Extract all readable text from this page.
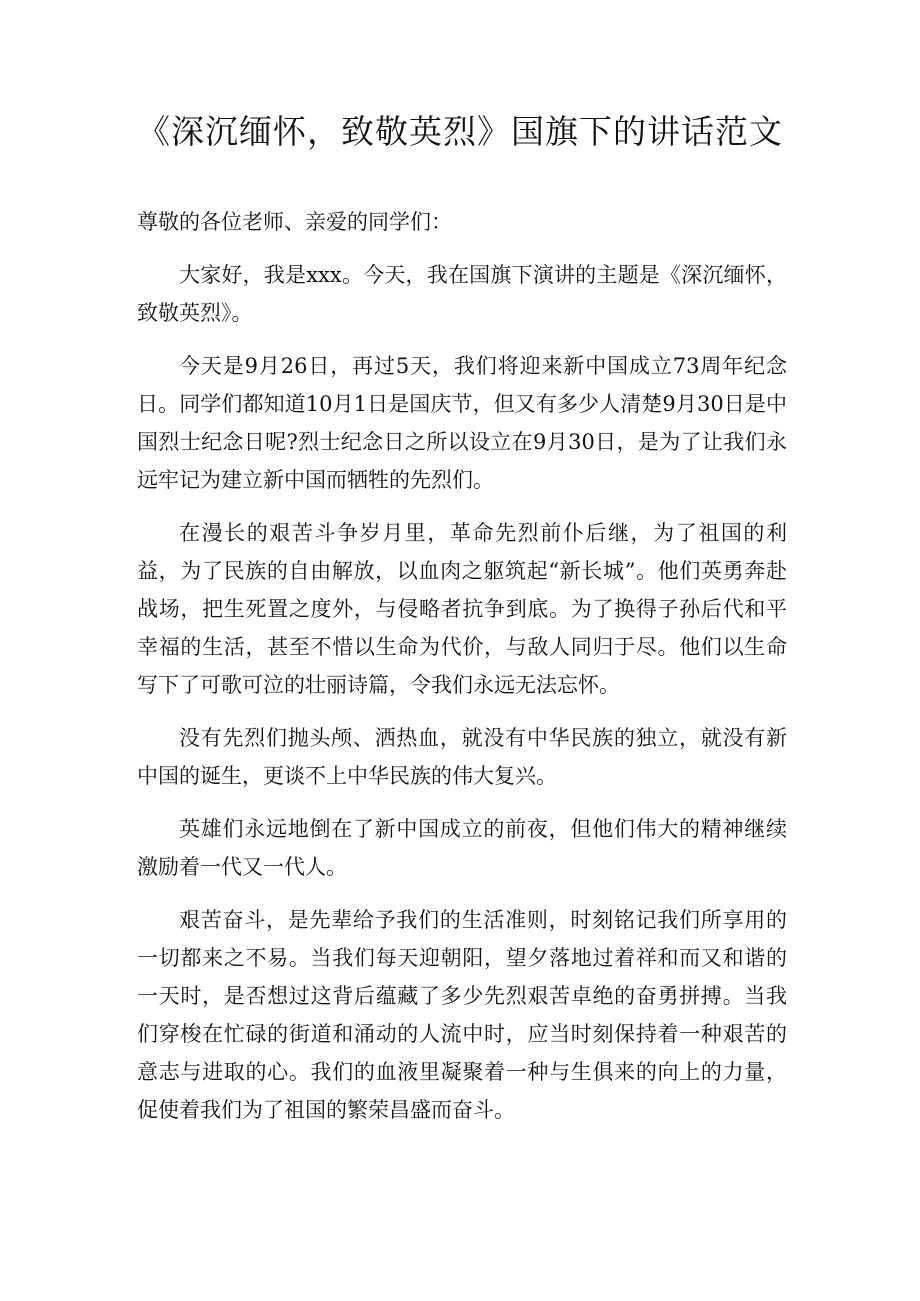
《深沉缅怀，致敬英烈》国旗下的讲话范文

尊敬的各位老师、亲爱的同学们：

大家好，我是xxx。今天，我在国旗下演讲的主题是《深沉缅怀，致敬英烈》。

今天是9月26日，再过5天，我们将迎来新中国成立73周年纪念日。同学们都知道10月1日是国庆节，但又有多少人清楚9月30日是中国烈士纪念日呢?烈士纪念日之所以设立在9月30日，是为了让我们永远牢记为建立新中国而牺牲的先烈们。

在漫长的艰苦斗争岁月里，革命先烈前仆后继，为了祖国的利益，为了民族的自由解放，以血肉之躯筑起“新长城”。他们英勇奔赴战场，把生死置之度外，与侵略者抗争到底。为了换得子孙后代和平幸福的生活，甚至不惜以生命为代价，与敌人同归于尽。他们以生命写下了可歌可泣的壮丽诗篇，令我们永远无法忘怀。

没有先烈们抛头颅、洒热血，就没有中华民族的独立，就没有新中国的诞生，更谈不上中华民族的伟大复兴。

英雄们永远地倒在了新中国成立的前夜，但他们伟大的精神继续激励着一代又一代人。

艰苦奋斗，是先辈给予我们的生活准则，时刻铭记我们所享用的一切都来之不易。当我们每天迎朝阳，望夕落地过着祥和而又和谐的一天时，是否想过这背后蕴藏了多少先烈艰苦卓绝的奋勇拼搏。当我们穿梭在忙碌的街道和涌动的人流中时，应当时刻保持着一种艰苦的意志与进取的心。我们的血液里凝聚着一种与生俱来的向上的力量，促使着我们为了祖国的繁荣昌盛而奋斗。
